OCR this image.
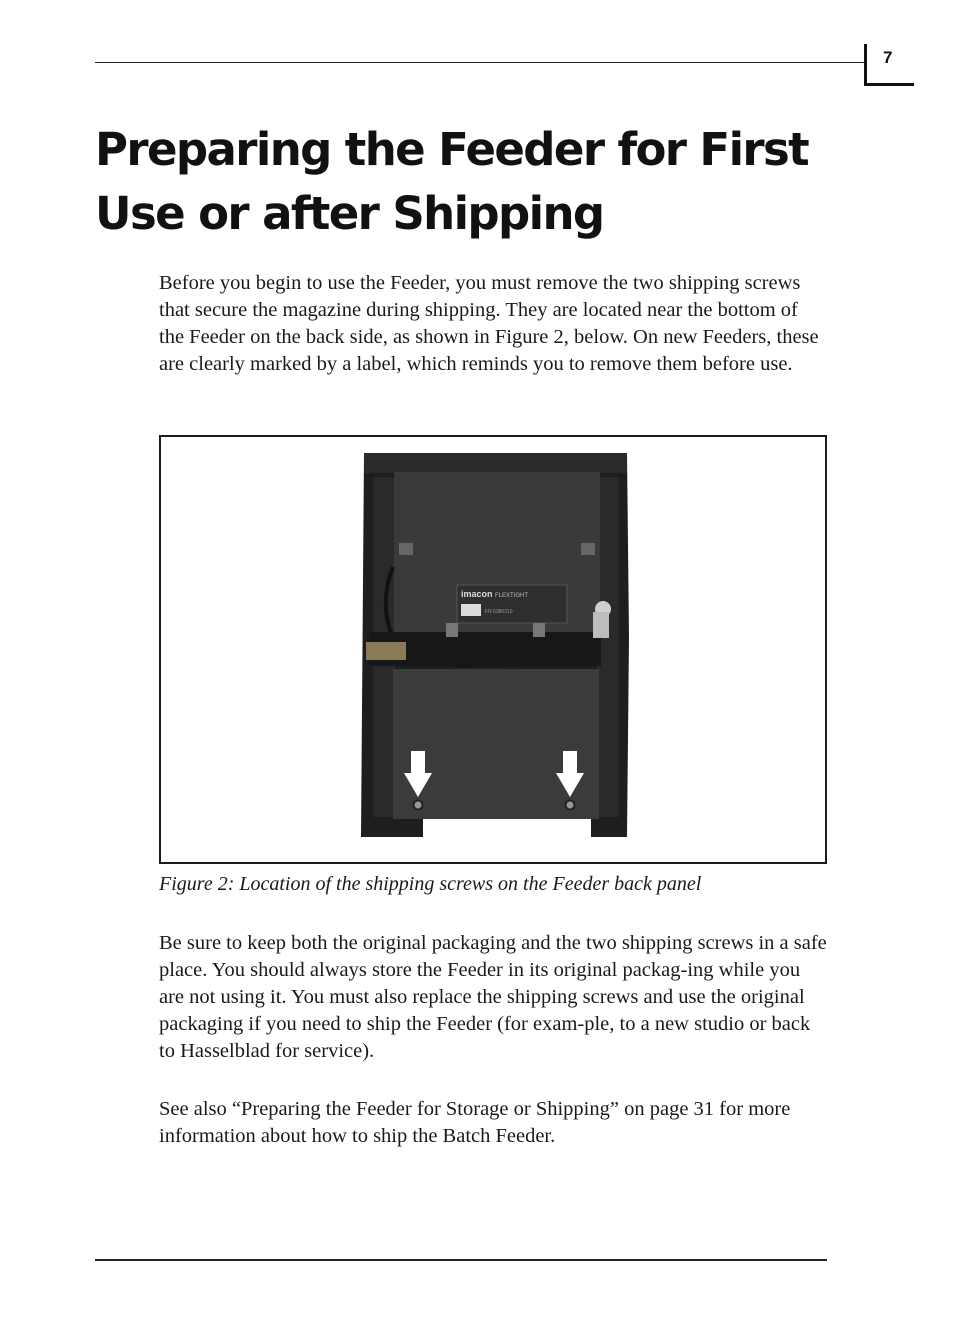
7
Preparing the Feeder for First Use or after Shipping

Before you begin to use the Feeder, you must remove the two shipping screws that secure the magazine during shipping. They are located near the bottom of the Feeder on the back side, as shown in Figure 2, below. On new Feeders, these are clearly marked by a label, which reminds you to remove them before use.

imacon FLEXTIGHT
FN 6380310

Figure 2: Location of the shipping screws on the Feeder back panel

Be sure to keep both the original packaging and the two shipping screws in a safe place. You should always store the Feeder in its original packag-ing while you are not using it. You must also replace the shipping screws and use the original packaging if you need to ship the Feeder (for exam-ple, to a new studio or back to Hasselblad for service).

See also “Preparing the Feeder for Storage or Shipping” on page 31 for more information about how to ship the Batch Feeder.
